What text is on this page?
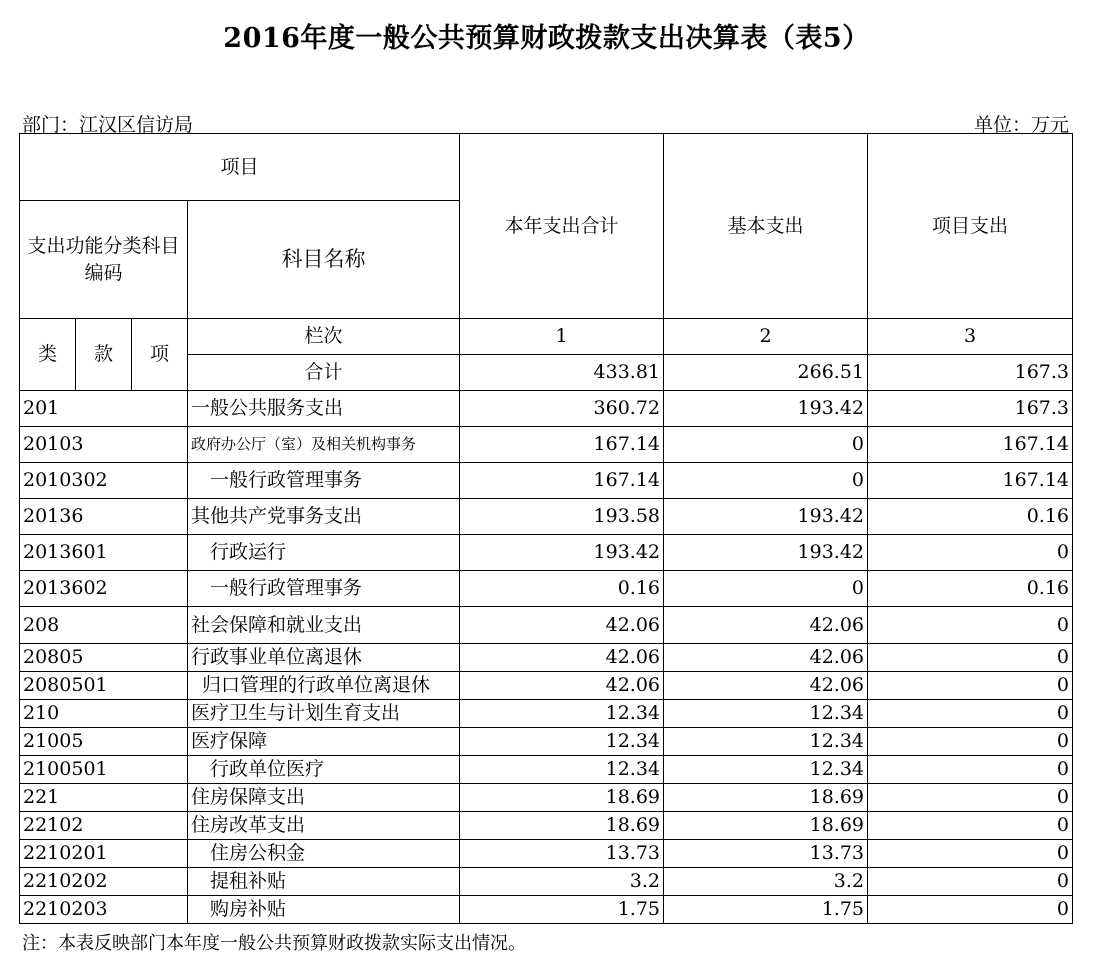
2016年度一般公共预算财政拨款支出决算表（表5）
部门：江汉区信访局	单位：万元
项目				本年支出合计	基本支出	项目支出
支出功能分类科目编码			科目名称			
类	款	项	栏次	1	2	3
			合计	433.81	266.51	167.3
201			一般公共服务支出	360.72	193.42	167.3
20103			政府办公厅（室）及相关机构事务	167.14	0	167.14
2010302			一般行政管理事务	167.14	0	167.14
20136			其他共产党事务支出	193.58	193.42	0.16
2013601			行政运行	193.42	193.42	0
2013602			一般行政管理事务	0.16	0	0.16
208			社会保障和就业支出	42.06	42.06	0
20805			行政事业单位离退休	42.06	42.06	0
2080501			归口管理的行政单位离退休	42.06	42.06	0
210			医疗卫生与计划生育支出	12.34	12.34	0
21005			医疗保障	12.34	12.34	0
2100501			行政单位医疗	12.34	12.34	0
221			住房保障支出	18.69	18.69	0
22102			住房改革支出	18.69	18.69	0
2210201			住房公积金	13.73	13.73	0
2210202			提租补贴	3.2	3.2	0
2210203			购房补贴	1.75	1.75	0
注：本表反映部门本年度一般公共预算财政拨款实际支出情况。
